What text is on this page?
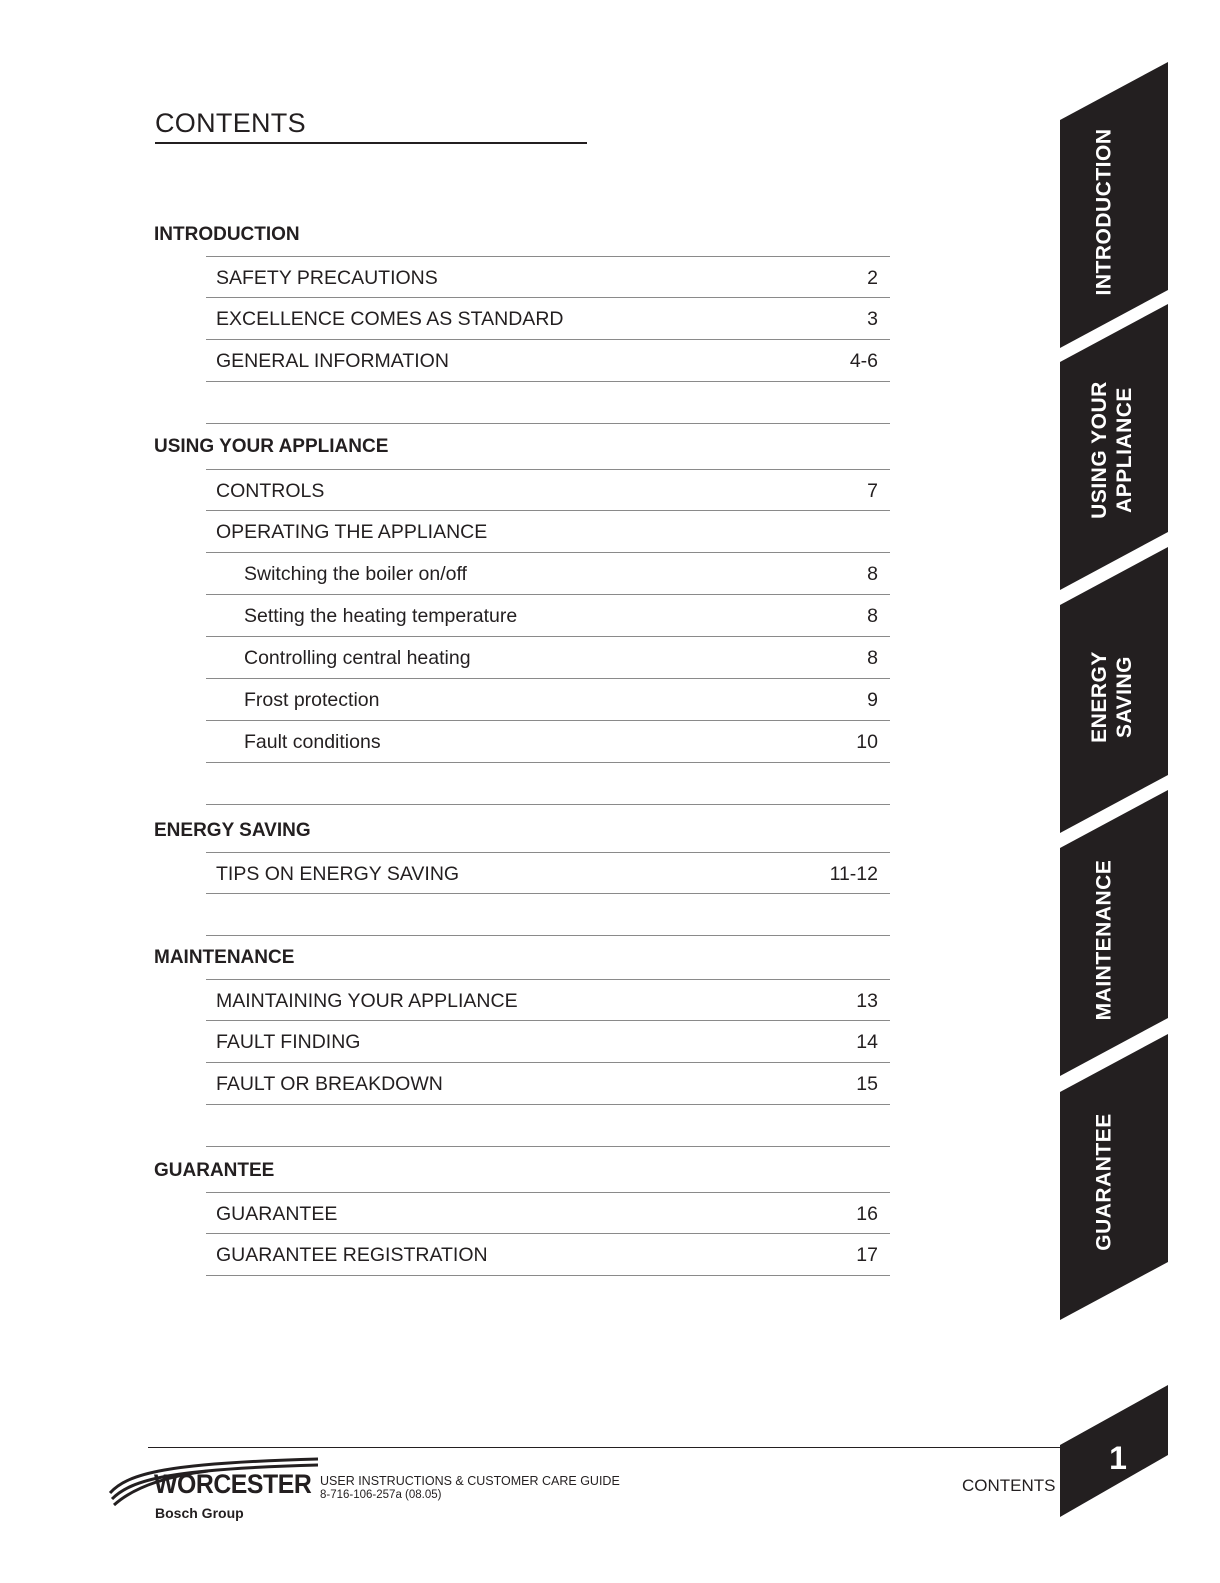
CONTENTS
INTRODUCTION
SAFETY PRECAUTIONS	2
EXCELLENCE COMES AS STANDARD	3
GENERAL INFORMATION	4-6
USING YOUR APPLIANCE
CONTROLS	7
OPERATING THE APPLIANCE
Switching the boiler on/off	8
Setting the heating temperature	8
Controlling central heating	8
Frost protection	9
Fault conditions	10
ENERGY SAVING
TIPS ON ENERGY SAVING	11-12
MAINTENANCE
MAINTAINING YOUR APPLIANCE	13
FAULT FINDING	14
FAULT OR BREAKDOWN	15
GUARANTEE
GUARANTEE	16
GUARANTEE REGISTRATION	17
INTRODUCTION
USING YOUR APPLIANCE
ENERGY SAVING
MAINTENANCE
GUARANTEE
WORCESTER
Bosch Group
USER INSTRUCTIONS & CUSTOMER CARE GUIDE
8-716-106-257a (08.05)	CONTENTS
1
